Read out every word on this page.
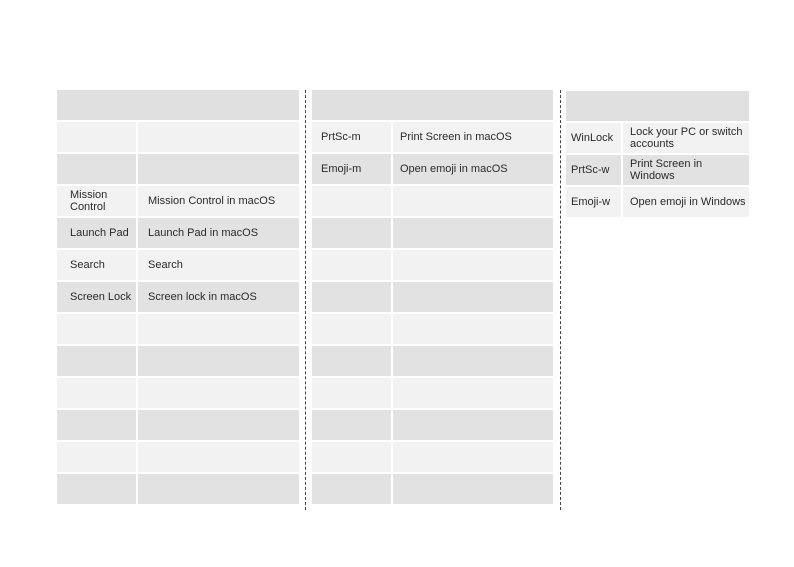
Mission Control	Mission Control in macOS
Launch Pad	Launch Pad in macOS
Search	Search
Screen Lock	Screen lock in macOS
PrtSc-m	Print Screen in macOS
Emoji-m	Open emoji in macOS
WinLock	Lock your PC or switch accounts
PrtSc-w	Print Screen in Windows
Emoji-w	Open emoji in Windows
